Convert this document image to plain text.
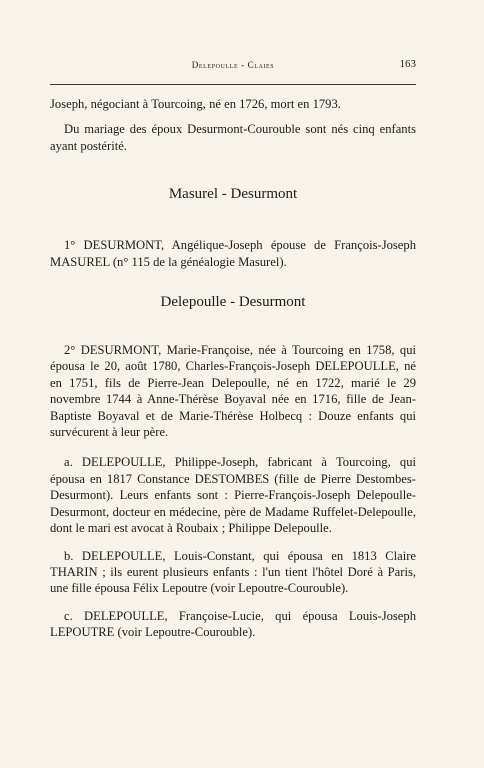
Delepoulle - Claies	163

Joseph, négociant à Tourcoing, né en 1726, mort en 1793.

Du mariage des époux Desurmont-Courouble sont nés cinq enfants ayant postérité.

Masurel - Desurmont

1° DESURMONT, Angélique-Joseph épouse de François-Joseph MASUREL (n° 115 de la généalogie Masurel).

Delepoulle - Desurmont

2° DESURMONT, Marie-Françoise, née à Tourcoing en 1758, qui épousa le 20, août 1780, Charles-François-Joseph DELEPOULLE, né en 1751, fils de Pierre-Jean Delepoulle, né en 1722, marié le 29 novembre 1744 à Anne-Thérèse Boyaval née en 1716, fille de Jean-Baptiste Boyaval et de Marie-Thérèse Holbecq : Douze enfants qui survécurent à leur père.

a. DELEPOULLE, Philippe-Joseph, fabricant à Tourcoing, qui épousa en 1817 Constance DESTOMBES (fille de Pierre Destombes-Desurmont). Leurs enfants sont : Pierre-François-Joseph Delepoulle-Desurmont, docteur en médecine, père de Madame Ruffelet-Delepoulle, dont le mari est avocat à Roubaix ; Philippe Delepoulle.

b. DELEPOULLE, Louis-Constant, qui épousa en 1813 Claire THARIN ; ils eurent plusieurs enfants : l'un tient l'hôtel Doré à Paris, une fille épousa Félix Lepoutre (voir Lepoutre-Courouble).

c. DELEPOULLE, Françoise-Lucie, qui épousa Louis-Joseph LEPOUTRE (voir Lepoutre-Courouble).
